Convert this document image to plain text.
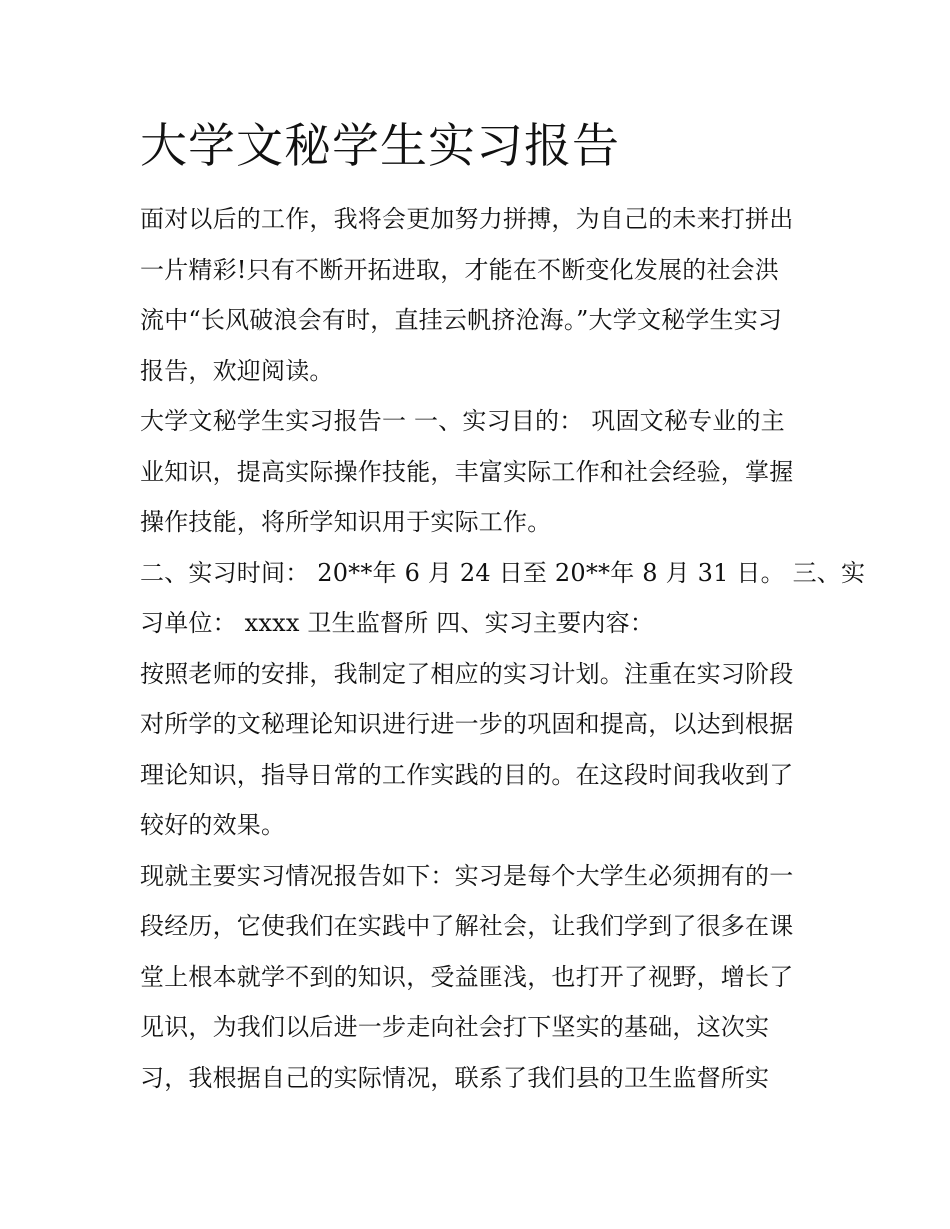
大学文秘学生实习报告

面对以后的工作，我将会更加努力拼搏，为自己的未来打拼出
一片精彩!只有不断开拓进取，才能在不断变化发展的社会洪
流中“长风破浪会有时，直挂云帆挤沧海。”大学文秘学生实习
报告，欢迎阅读。

大学文秘学生实习报告一 一、实习目的： 巩固文秘专业的主
业知识，提高实际操作技能，丰富实际工作和社会经验，掌握
操作技能，将所学知识用于实际工作。

二、实习时间： 20**年 6 月 24 日至 20**年 8 月 31 日。 三、实
习单位： xxxx 卫生监督所 四、实习主要内容：

按照老师的安排，我制定了相应的实习计划。注重在实习阶段
对所学的文秘理论知识进行进一步的巩固和提高，以达到根据
理论知识，指导日常的工作实践的目的。在这段时间我收到了
较好的效果。

现就主要实习情况报告如下：实习是每个大学生必须拥有的一
段经历，它使我们在实践中了解社会，让我们学到了很多在课
堂上根本就学不到的知识，受益匪浅，也打开了视野，增长了
见识，为我们以后进一步走向社会打下坚实的基础，这次实
习，我根据自己的实际情况，联系了我们县的卫生监督所实
